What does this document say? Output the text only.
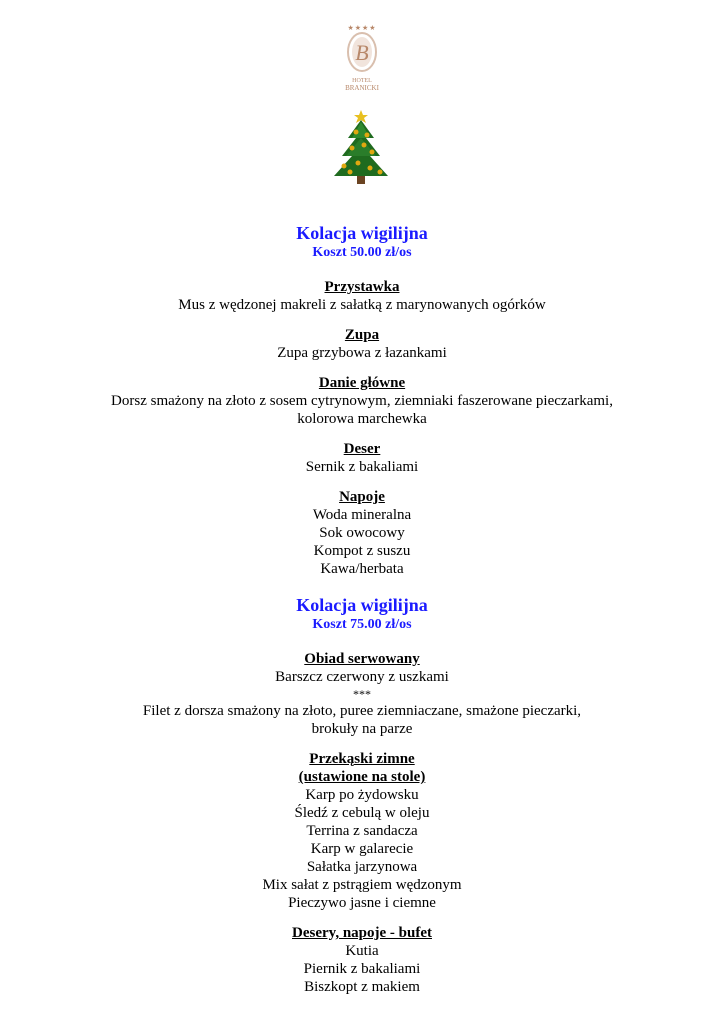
★★★★
B
HOTEL
BRANICKI

Kolacja wigilijna

Koszt 50.00 zł/os

Przystawka

Mus z wędzonej makreli z sałatką z marynowanych ogórków

Zupa

Zupa grzybowa z łazankami

Danie główne

Dorsz smażony na złoto z sosem cytrynowym, ziemniaki faszerowane pieczarkami,

kolorowa marchewka

Deser

Sernik z bakaliami

Napoje

Woda mineralna

Sok owocowy

Kompot z suszu

Kawa/herbata

Kolacja wigilijna

Koszt 75.00 zł/os

Obiad serwowany

Barszcz czerwony z uszkami

***

Filet z dorsza smażony na złoto, puree ziemniaczane, smażone pieczarki,

brokuły na parze

Przekąski zimne

(ustawione na stole)

Karp po żydowsku

Śledź z cebulą w oleju

Terrina z sandacza

Karp w galarecie

Sałatka jarzynowa

Mix sałat z pstrągiem wędzonym

Pieczywo jasne i ciemne

Desery, napoje - bufet

Kutia

Piernik z bakaliami

Biszkopt z makiem
